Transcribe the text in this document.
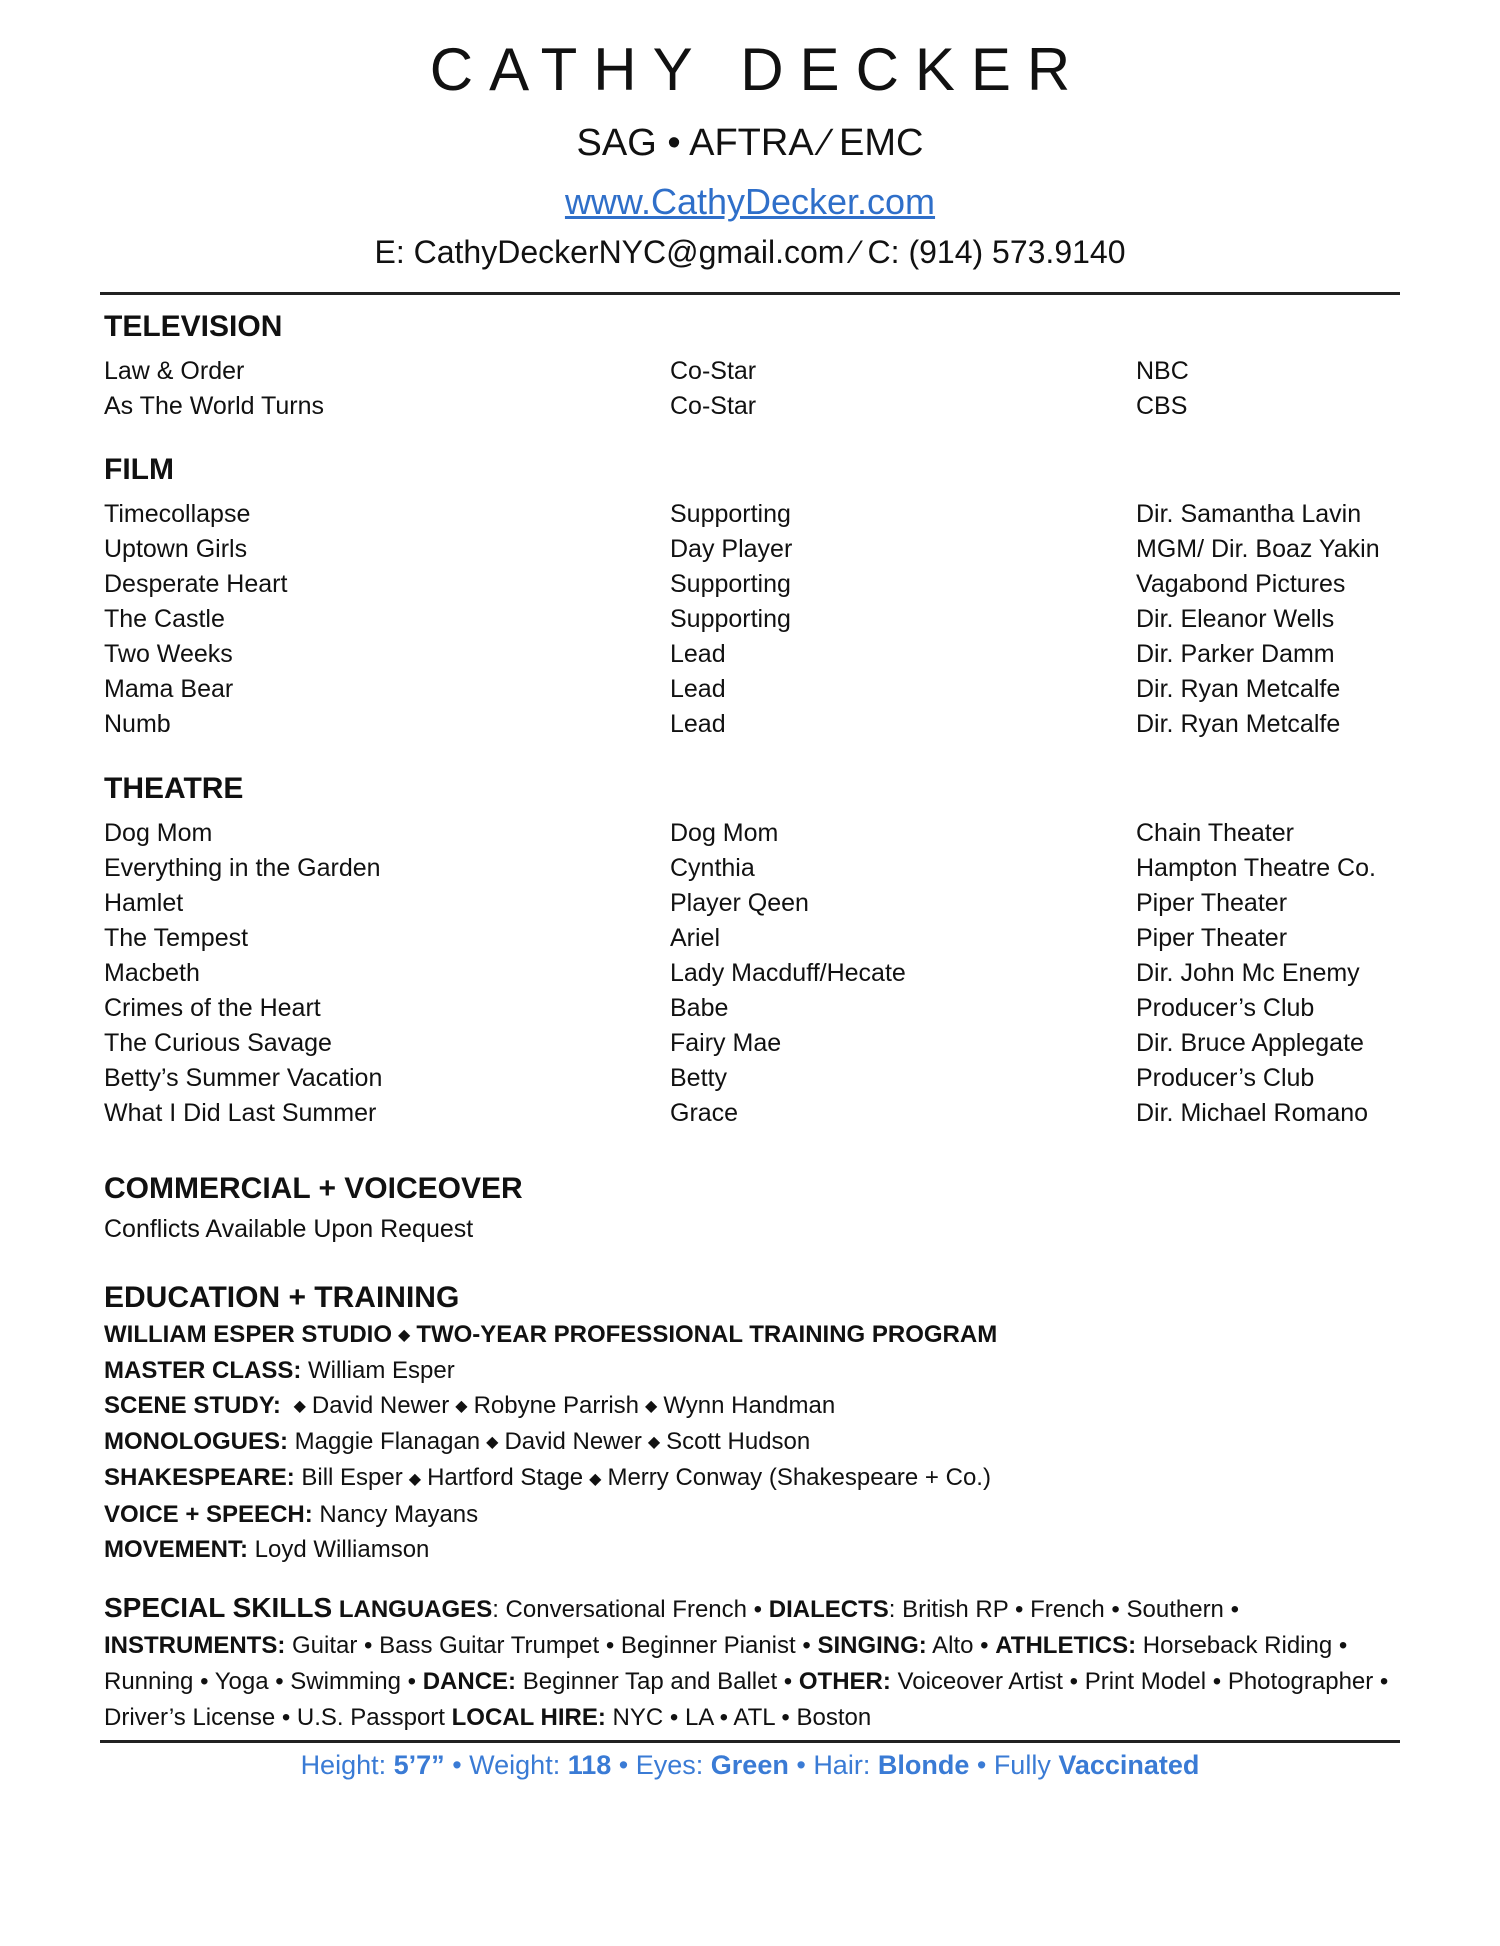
CATHY DECKER
SAG • AFTRA ⁄ EMC
www.CathyDecker.com
E: CathyDeckerNYC@gmail.com ⁄ C: (914) 573.9140
TELEVISION
Law & Order	Co-Star	NBC
As The World Turns	Co-Star	CBS
FILM
Timecollapse	Supporting	Dir. Samantha Lavin
Uptown Girls	Day Player	MGM/ Dir. Boaz Yakin
Desperate Heart	Supporting	Vagabond Pictures
The Castle	Supporting	Dir. Eleanor Wells
Two Weeks	Lead	Dir. Parker Damm
Mama Bear	Lead	Dir. Ryan Metcalfe
Numb	Lead	Dir. Ryan Metcalfe
THEATRE
Dog Mom	Dog Mom	Chain Theater
Everything in the Garden	Cynthia	Hampton Theatre Co.
Hamlet	Player Qeen	Piper Theater
The Tempest	Ariel	Piper Theater
Macbeth	Lady Macduff/Hecate	Dir. John Mc Enemy
Crimes of the Heart	Babe	Producer’s Club
The Curious Savage	Fairy Mae	Dir. Bruce Applegate
Betty’s Summer Vacation	Betty	Producer’s Club
What I Did Last Summer	Grace	Dir. Michael Romano
COMMERCIAL + VOICEOVER
Conflicts Available Upon Request
EDUCATION + TRAINING
WILLIAM ESPER STUDIO ◆ TWO-YEAR PROFESSIONAL TRAINING PROGRAM
MASTER CLASS: William Esper
SCENE STUDY: ◆ David Newer ◆ Robyne Parrish ◆ Wynn Handman
MONOLOGUES: Maggie Flanagan ◆ David Newer ◆ Scott Hudson
SHAKESPEARE: Bill Esper ◆ Hartford Stage ◆ Merry Conway (Shakespeare + Co.)
VOICE + SPEECH: Nancy Mayans
MOVEMENT: Loyd Williamson
SPECIAL SKILLS LANGUAGES: Conversational French • DIALECTS: British RP • French • Southern • INSTRUMENTS: Guitar • Bass Guitar Trumpet • Beginner Pianist • SINGING: Alto • ATHLETICS: Horseback Riding • Running • Yoga • Swimming • DANCE: Beginner Tap and Ballet • OTHER: Voiceover Artist • Print Model • Photographer • Driver’s License • U.S. Passport LOCAL HIRE: NYC • LA • ATL • Boston
Height: 5’7” • Weight: 118 • Eyes: Green • Hair: Blonde • Fully Vaccinated
